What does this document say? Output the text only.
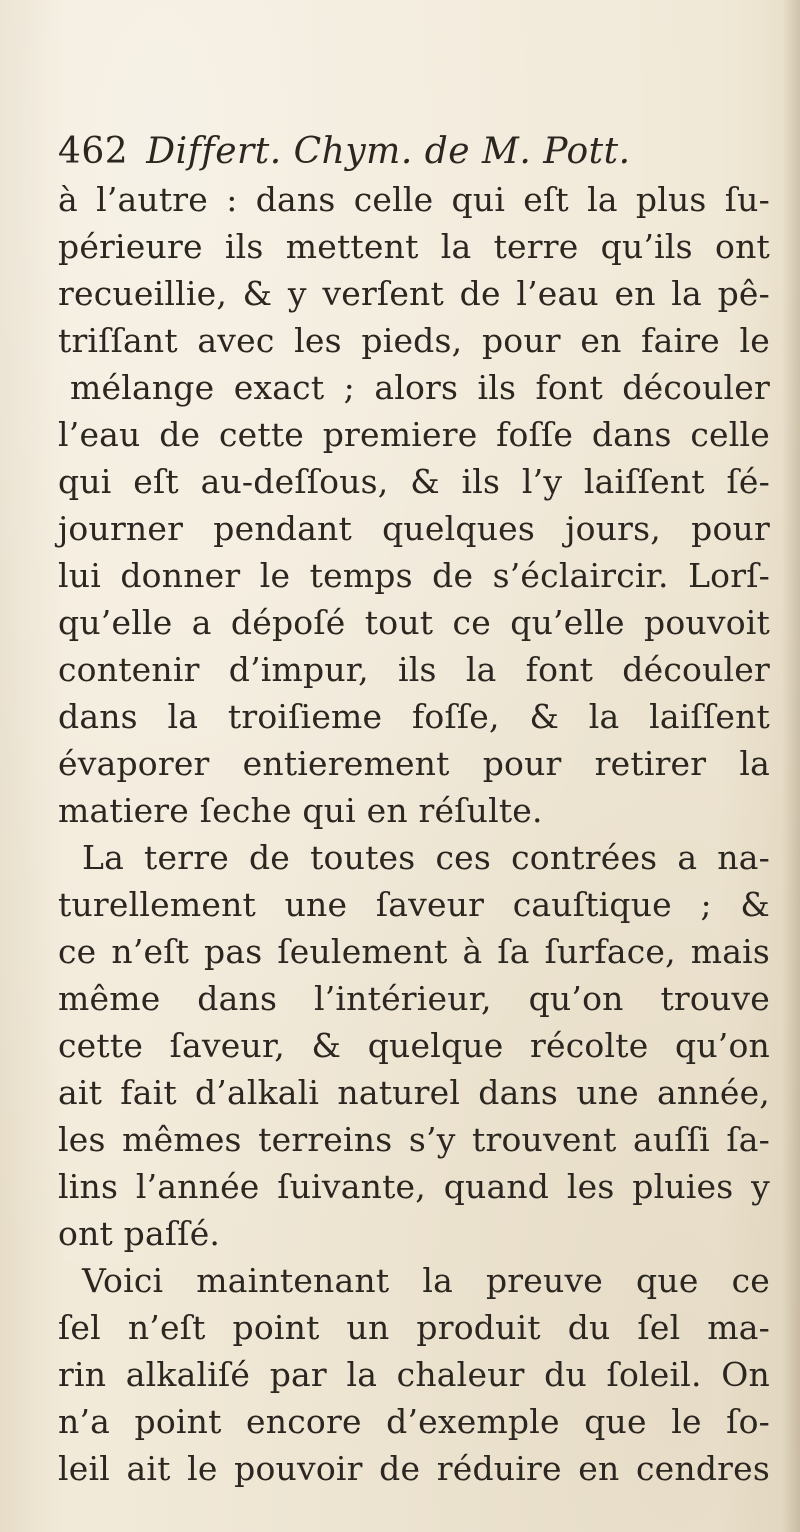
462 Differt. Chym. de M. Pott.
à l’autre : dans celle qui eſt la plus ſu-
périeure ils mettent la terre qu’ils ont
recueillie, & y verſent de l’eau en la pê-
triſſant avec les pieds, pour en faire le
mélange exact ; alors ils font découler
l’eau de cette premiere foſſe dans celle
qui eſt au-deſſous, & ils l’y laiſſent ſé-
journer pendant quelques jours, pour
lui donner le temps de s’éclaircir. Lorſ-
qu’elle a dépoſé tout ce qu’elle pouvoit
contenir d’impur, ils la font découler
dans la troiſieme foſſe, & la laiſſent
évaporer entierement pour retirer la
matiere ſeche qui en réſulte.
La terre de toutes ces contrées a na-
turellement une ſaveur cauſtique ; &
ce n’eſt pas ſeulement à ſa ſurface, mais
même dans l’intérieur, qu’on trouve
cette ſaveur, & quelque récolte qu’on
ait fait d’alkali naturel dans une année,
les mêmes terreins s’y trouvent auſſi ſa-
lins l’année ſuivante, quand les pluies y
ont paſſé.
Voici maintenant la preuve que ce
ſel n’eſt point un produit du ſel ma-
rin alkaliſé par la chaleur du ſoleil. On
n’a point encore d’exemple que le ſo-
leil ait le pouvoir de réduire en cendres
